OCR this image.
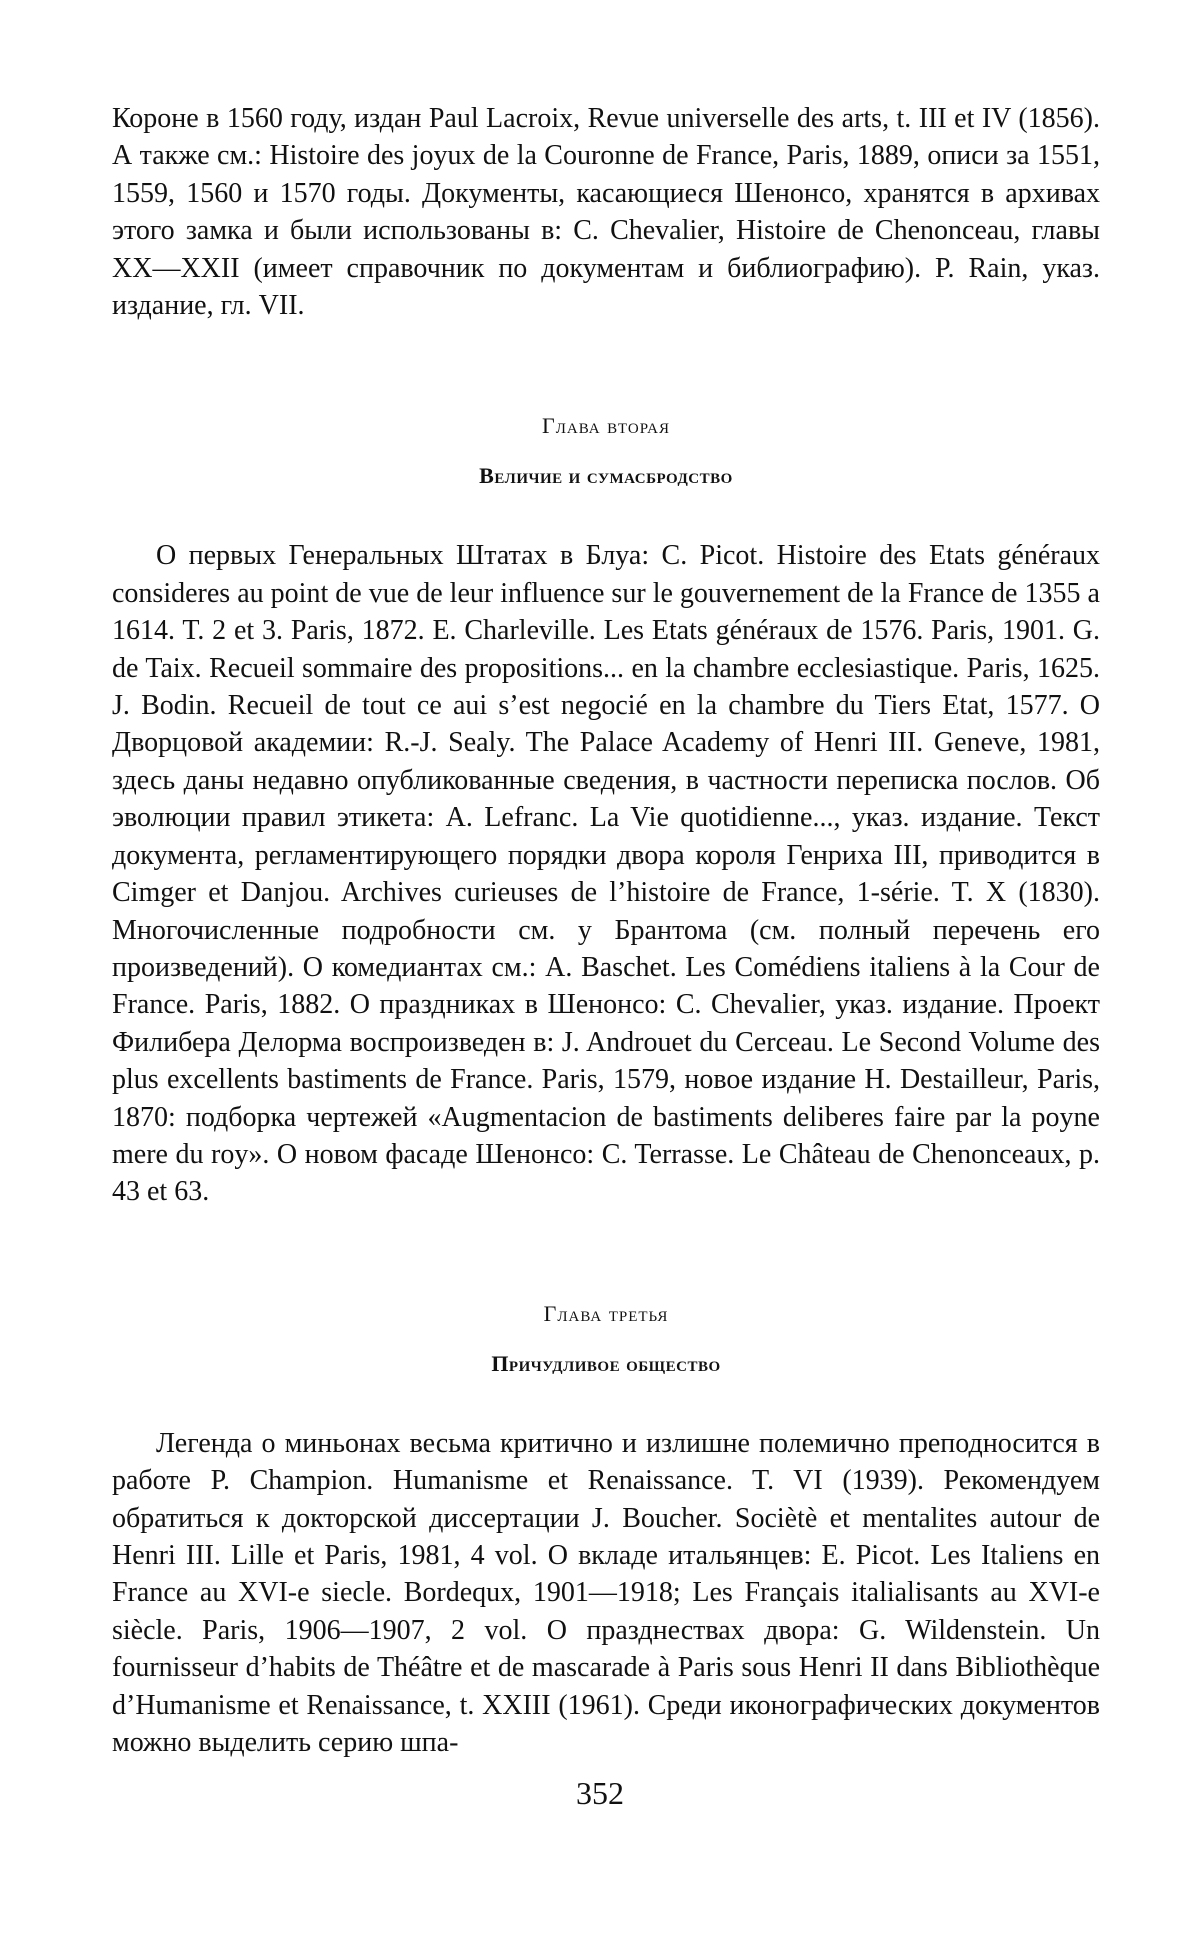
Короне в 1560 году, издан Paul Lacroix, Revue universelle des arts, t. III et IV (1856). А также см.: Histoire des joyux de la Couronne de France, Paris, 1889, описи за 1551, 1559, 1560 и 1570 годы. Документы, касающиеся Шенонсо, хранятся в архивах этого замка и были использованы в: C. Chevalier, Histoire de Chenonceau, главы XX—XXII (имеет справочник по документам и библиографию). P. Rain, указ. издание, гл. VII.

Глава вторая
Величие и сумасбродство

О первых Генеральных Штатах в Блуа: C. Picot. Histoire des Etats généraux consideres au point de vue de leur influence sur le gouvernement de la France de 1355 a 1614. T. 2 et 3. Paris, 1872. E. Charleville. Les Etats généraux de 1576. Paris, 1901. G. de Taix. Recueil sommaire des propositions... en la chambre ecclesiastique. Paris, 1625. J. Bodin. Recueil de tout ce aui s’est negocié en la chambre du Tiers Etat, 1577. О Дворцовой академии: R.-J. Sealy. The Palace Academy of Henri III. Geneve, 1981, здесь даны недавно опубликованные сведения, в частности переписка послов. Об эволюции правил этикета: A. Lefranc. La Vie quotidienne..., указ. издание. Текст документа, регламентирующего порядки двора короля Генриха III, приводится в Cimger et Danjou. Archives curieuses de l’histoire de France, 1-série. T. X (1830). Многочисленные подробности см. у Брантома (см. полный перечень его произведений). О комедиантах см.: A. Baschet. Les Comédiens italiens à la Cour de France. Paris, 1882. О праздниках в Шенонсо: C. Chevalier, указ. издание. Проект Филибера Делорма воспроизведен в: J. Androuet du Cerceau. Le Second Volume des plus excellents bastiments de France. Paris, 1579, новое издание H. Destailleur, Paris, 1870: подборка чертежей «Augmentacion de bastiments deliberes faire par la poyne mere du roy». О новом фасаде Шенонсо: C. Terrasse. Le Château de Chenonceaux, p. 43 et 63.

Глава третья
Причудливое общество

Легенда о миньонах весьма критично и излишне полемично преподносится в работе P. Champion. Humanisme et Renaissance. T. VI (1939). Рекомендуем обратиться к докторской диссертации J. Boucher. Sociètè et mentalites autour de Henri III. Lille et Paris, 1981, 4 vol. О вкладе итальянцев: E. Picot. Les Italiens en France au XVI-e siecle. Bordequx, 1901—1918; Les Français italialisants au XVI-e siècle. Paris, 1906—1907, 2 vol. О празднествах двора: G. Wildenstein. Un fournisseur d’habits de Théâtre et de mascarade à Paris sous Henri II dans Bibliothèque d’Humanisme et Renaissance, t. XXIII (1961). Среди иконографических документов можно выделить серию шпа-

352
